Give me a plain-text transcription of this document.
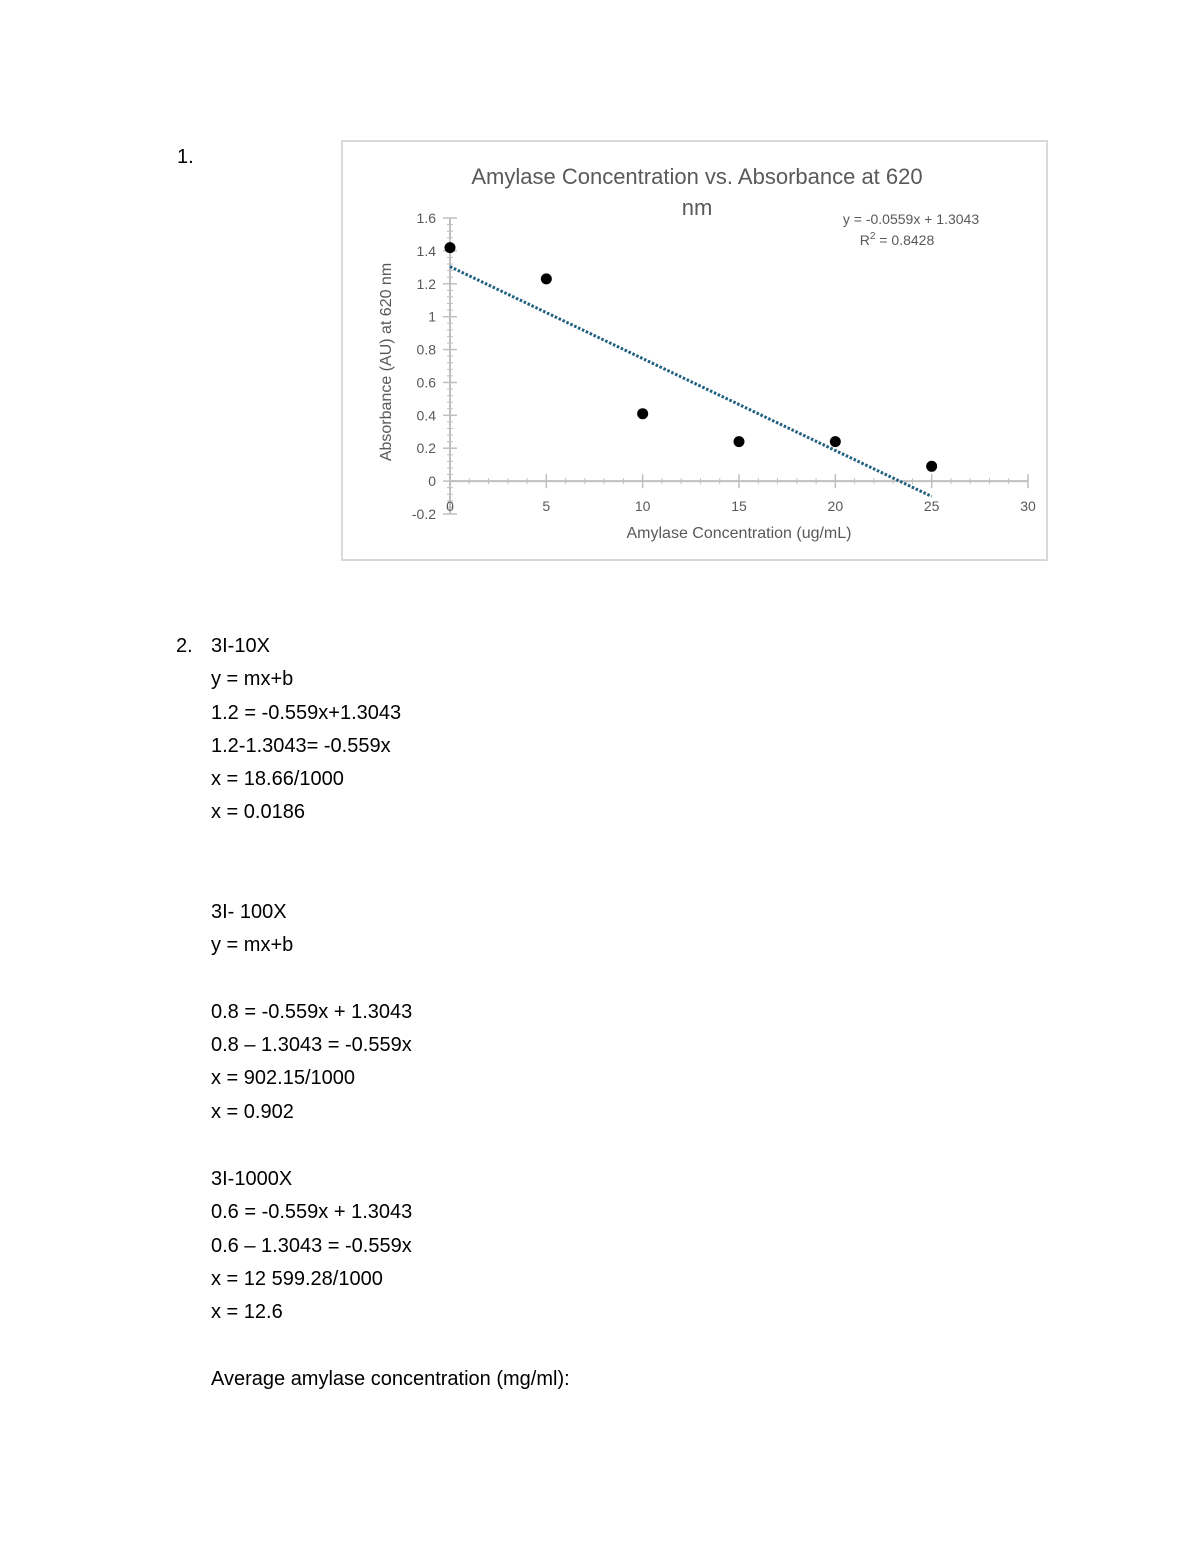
1.
Amylase Concentration vs. Absorbance at 620
nm	y = -0.0559x + 1.3043
$R^2 = 0.8428$
-0.2
0
0.2
0.4
0.6
0.8
1
1.2
1.4
1.6
0	5	10	15	20	25	30
Amylase Concentration (ug/mL)
Absorbance (AU) at 620 nm
2. 3I-10X
y = mx+b
1.2 = -0.559x+1.3043
1.2-1.3043= -0.559x
x = 18.66/1000
x = 0.0186
3I- 100X
y = mx+b
0.8 = -0.559x + 1.3043
0.8 – 1.3043 = -0.559x
x = 902.15/1000
x = 0.902
3I-1000X
0.6 = -0.559x + 1.3043
0.6 – 1.3043 = -0.559x
x = 12 599.28/1000
x = 12.6
Average amylase concentration (mg/ml):
